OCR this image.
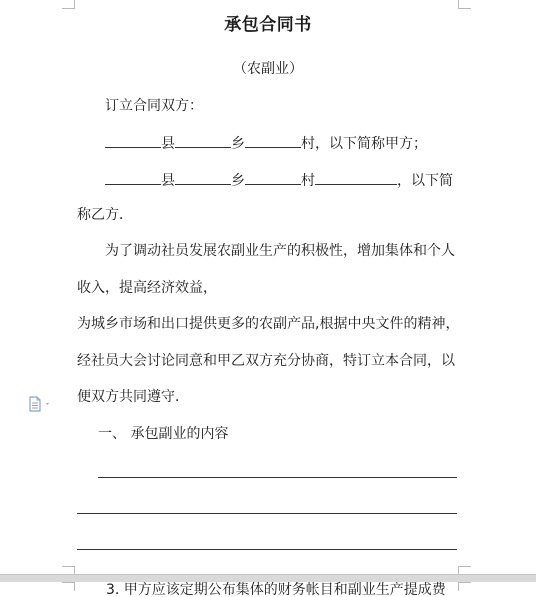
承包合同书
（农副业）
订立合同双方：
县	乡	村，以下简称甲方；
县	乡	村	，以下简
称乙方．
为了调动社员发展农副业生产的积极性，增加集体和个人
收入，提高经济效益，
为城乡市场和出口提供更多的农副产品,根据中央文件的精神，
经社员大会讨论同意和甲乙双方充分协商，特订立本合同，以
便双方共同遵守．
一、 承包副业的内容
3. 甲方应该定期公布集体的财务帐目和副业生产提成费
